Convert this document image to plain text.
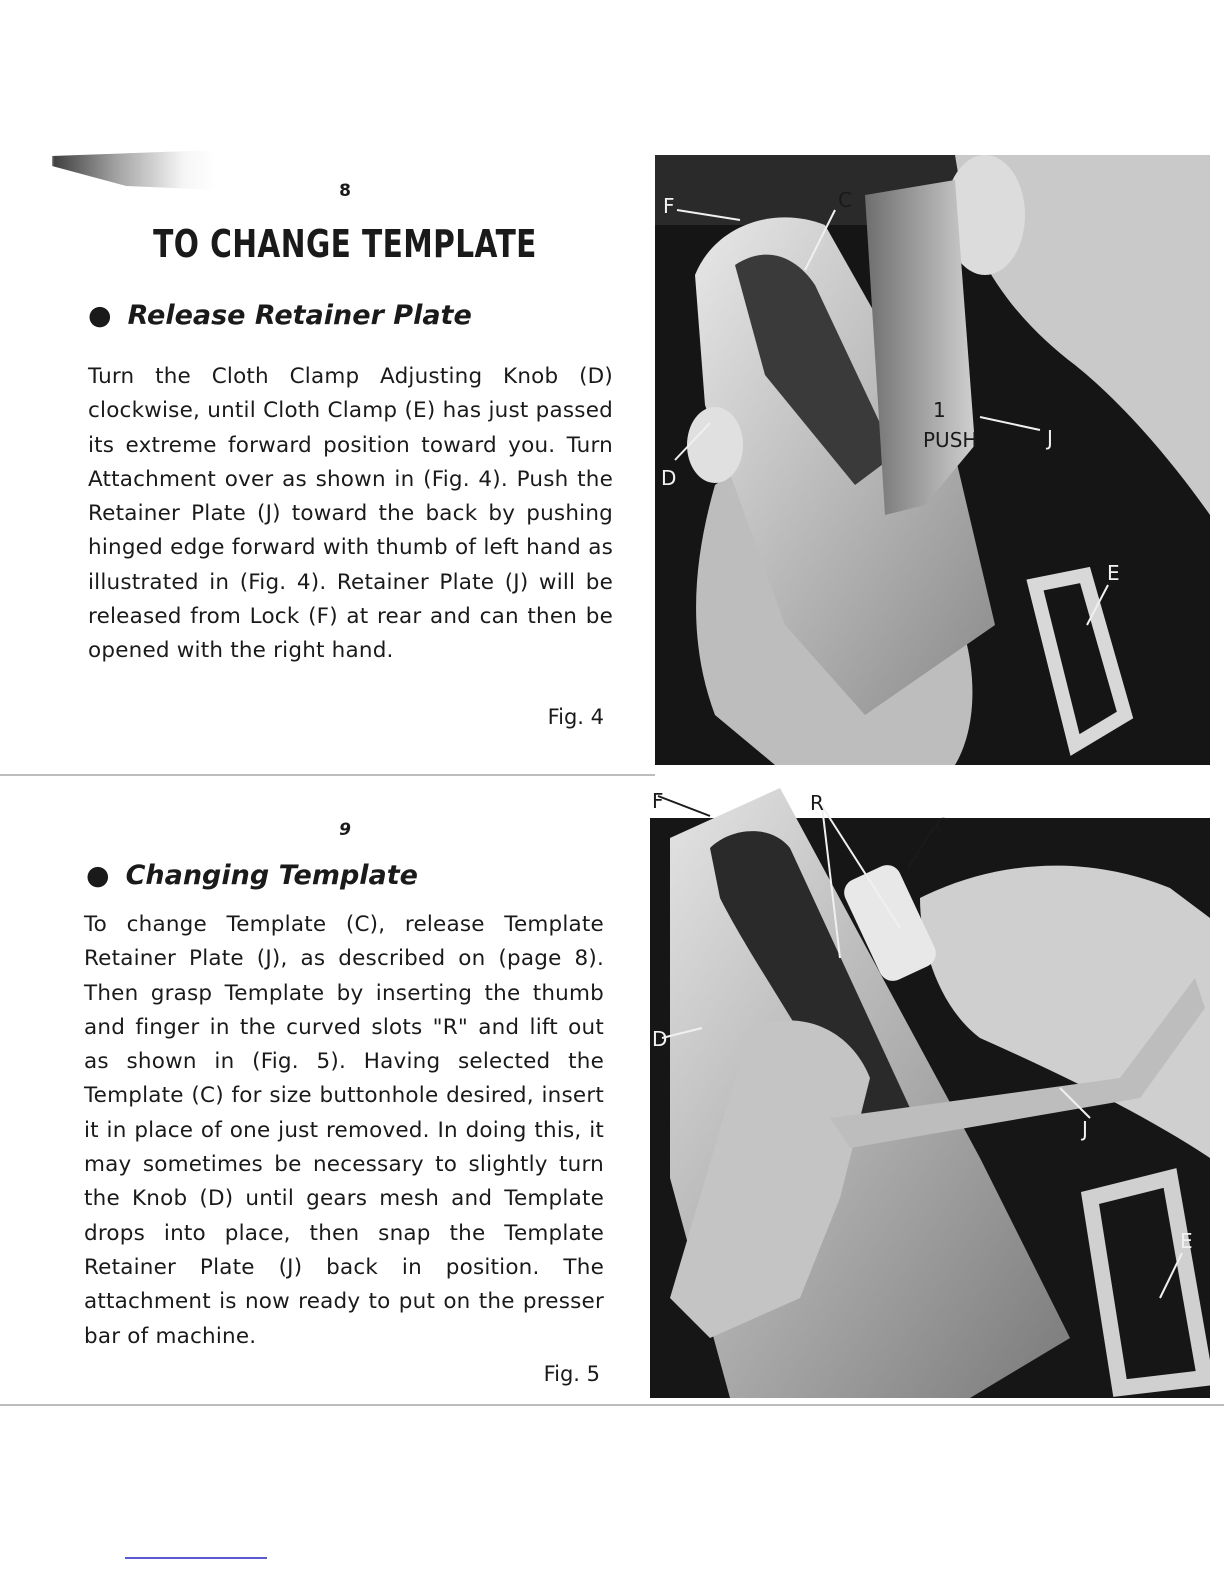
8
TO CHANGE TEMPLATE
● Release Retainer Plate

Turn the Cloth Clamp Adjusting Knob (D) clockwise, until Cloth Clamp (E) has just passed its extreme forward position toward you. Turn Attachment over as shown in (Fig. 4). Push the Retainer Plate (J) toward the back by pushing hinged edge forward with thumb of left hand as illustrated in (Fig. 4). Retainer Plate (J) will be released from Lock (F) at rear and can then be opened with the right hand.

Fig. 4
F	C
D
J
E
1
PUSH
9
● Changing Template

To change Template (C), release Template Retainer Plate (J), as described on (page 8). Then grasp Template by inserting the thumb and finger in the curved slots "R" and lift out as shown in (Fig. 5). Having selected the Template (C) for size buttonhole desired, insert it in place of one just removed. In doing this, it may sometimes be necessary to slightly turn the Knob (D) until gears mesh and Template drops into place, then snap the Template Retainer Plate (J) back in position. The attachment is now ready to put on the presser bar of machine.

Fig. 5
F	R
C
D
J
E
